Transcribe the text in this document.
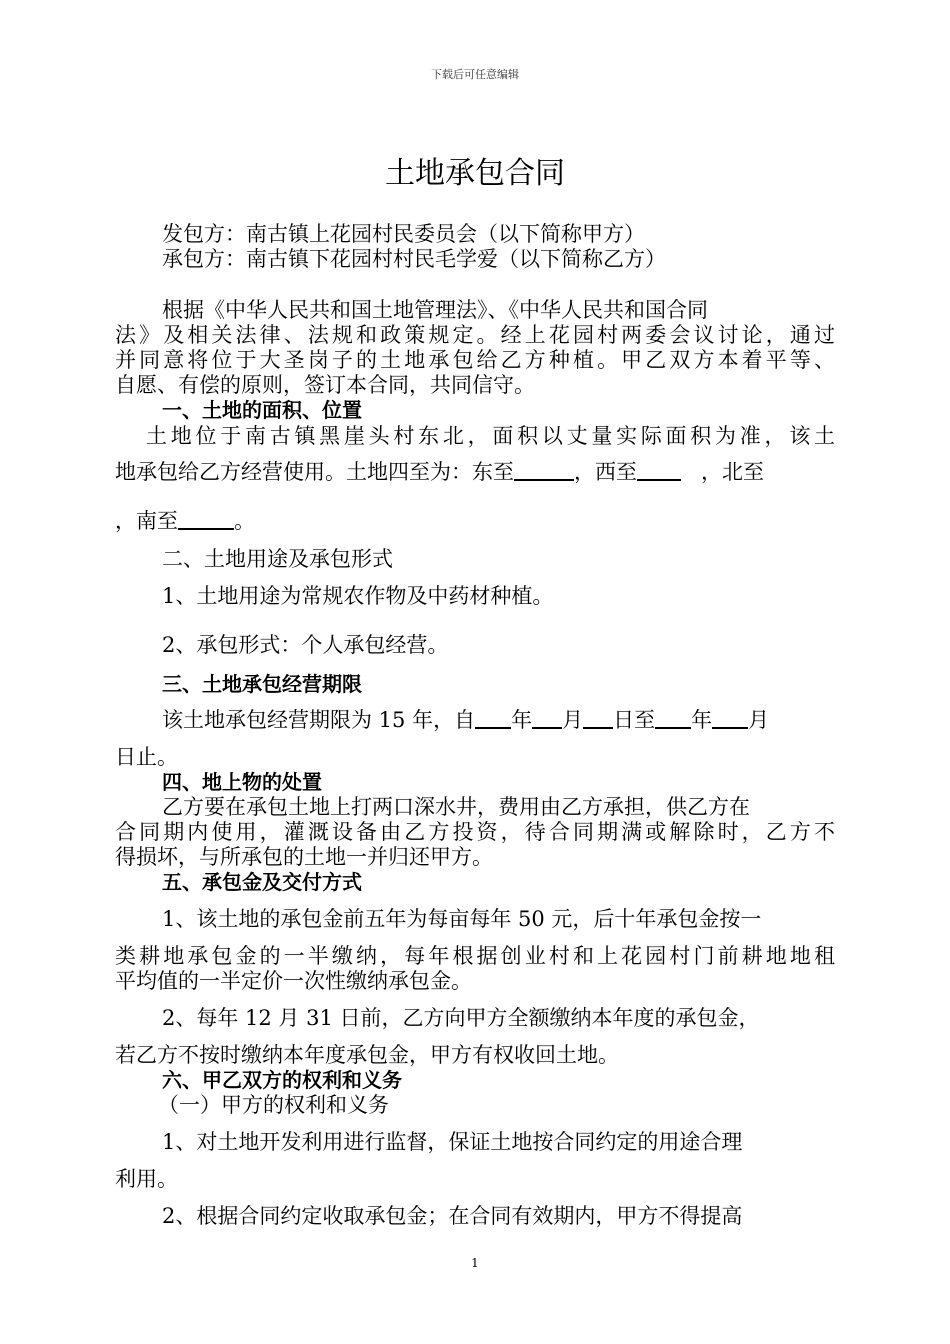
下载后可任意编辑
土地承包合同
发包方：南古镇上花园村民委员会（以下简称甲方）
承包方：南古镇下花园村村民毛学爱（以下简称乙方）
根据《中华人民共和国土地管理法》、《中华人民共和国合同
法》及相关法律、法规和政策规定。经上花园村两委会议讨论，通过
并同意将位于大圣岗子的土地承包给乙方种植。甲乙双方本着平等、
自愿、有偿的原则，签订本合同，共同信守。
一、土地的面积、位置
土地位于南古镇黑崖头村东北，面积以丈量实际面积为准，该土
地承包给乙方经营使用。土地四至为：东至	，西至	，北至
，南至	。
二、土地用途及承包形式
1、土地用途为常规农作物及中药材种植。
2、承包形式：个人承包经营。
三、土地承包经营期限
该土地承包经营期限为 15 年，自 年 月 日至 年 月
日止。
四、地上物的处置
乙方要在承包土地上打两口深水井，费用由乙方承担，供乙方在
合同期内使用，灌溉设备由乙方投资，待合同期满或解除时，乙方不
得损坏，与所承包的土地一并归还甲方。
五、承包金及交付方式
1、该土地的承包金前五年为每亩每年 50 元，后十年承包金按一
类耕地承包金的一半缴纳，每年根据创业村和上花园村门前耕地地租
平均值的一半定价一次性缴纳承包金。
2、每年 12 月 31 日前，乙方向甲方全额缴纳本年度的承包金，
若乙方不按时缴纳本年度承包金，甲方有权收回土地。
六、甲乙双方的权利和义务
（一）甲方的权利和义务
1、对土地开发利用进行监督，保证土地按合同约定的用途合理
利用。
2、根据合同约定收取承包金；在合同有效期内，甲方不得提高
1
